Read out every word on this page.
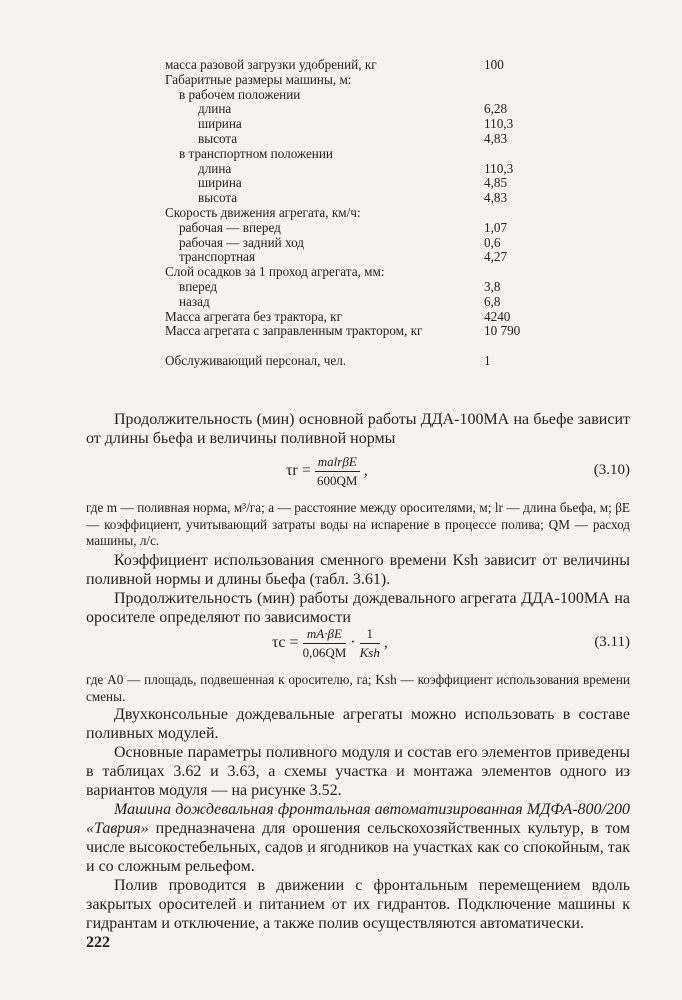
масса разовой загрузки удобрений, кг	100
Габаритные размеры машины, м:
в рабочем положении
длина	6,28
ширина	110,3
высота	4,83
в транспортном положении
длина	110,3
ширина	4,85
высота	4,83
Скорость движения агрегата, км/ч:
рабочая — вперед	1,07
рабочая — задний ход	0,6
транспортная	4,27
Слой осадков за 1 проход агрегата, мм:
вперед	3,8
назад	6,8
Масса агрегата без трактора, кг	4240
Масса агрегата с заправленным трактором, кг	10 790
Обслуживающий персонал, чел.	1

Продолжительность (мин) основной работы ДДА-100МА на бьефе зависит от длины бьефа и величины поливной нормы

$\tau r = \frac{\text{malrβE}}{600QM}$ ,	(3.10)

где m — поливная норма, м³/га; a — расстояние между оросителями, м; lr — длина бьефа, м; βE — коэффициент, учитывающий затраты воды на испарение в процессе полива; QM — расход машины, л/с.

Коэффициент использования сменного времени Ksh зависит от величины поливной нормы и длины бьефа (табл. 3.61).

Продолжительность (мин) работы дождевального агрегата ДДА-100МА на оросителе определяют по зависимости

$\tau c = \frac{mA\cdot\beta E}{0,06QM} \cdot \frac{1}{\text{Ksh}}$ ,	(3.11)

где A0 — площадь, подвешенная к оросителю, га; Ksh — коэффициент использования времени смены.

Двухконсольные дождевальные агрегаты можно использовать в составе поливных модулей.

Основные параметры поливного модуля и состав его элементов приведены в таблицах 3.62 и 3.63, а схемы участка и монтажа элементов одного из вариантов модуля — на рисунке 3.52.

Машина дождевальная фронтальная автоматизированная МДФА-800/200 «Таврия» предназначена для орошения сельскохозяйственных культур, в том числе высокостебельных, садов и ягодников на участках как со спокойным, так и со сложным рельефом.

Полив проводится в движении с фронтальным перемещением вдоль закрытых оросителей и питанием от их гидрантов. Подключение машины к гидрантам и отключение, а также полив осуществляются автоматически.

222
